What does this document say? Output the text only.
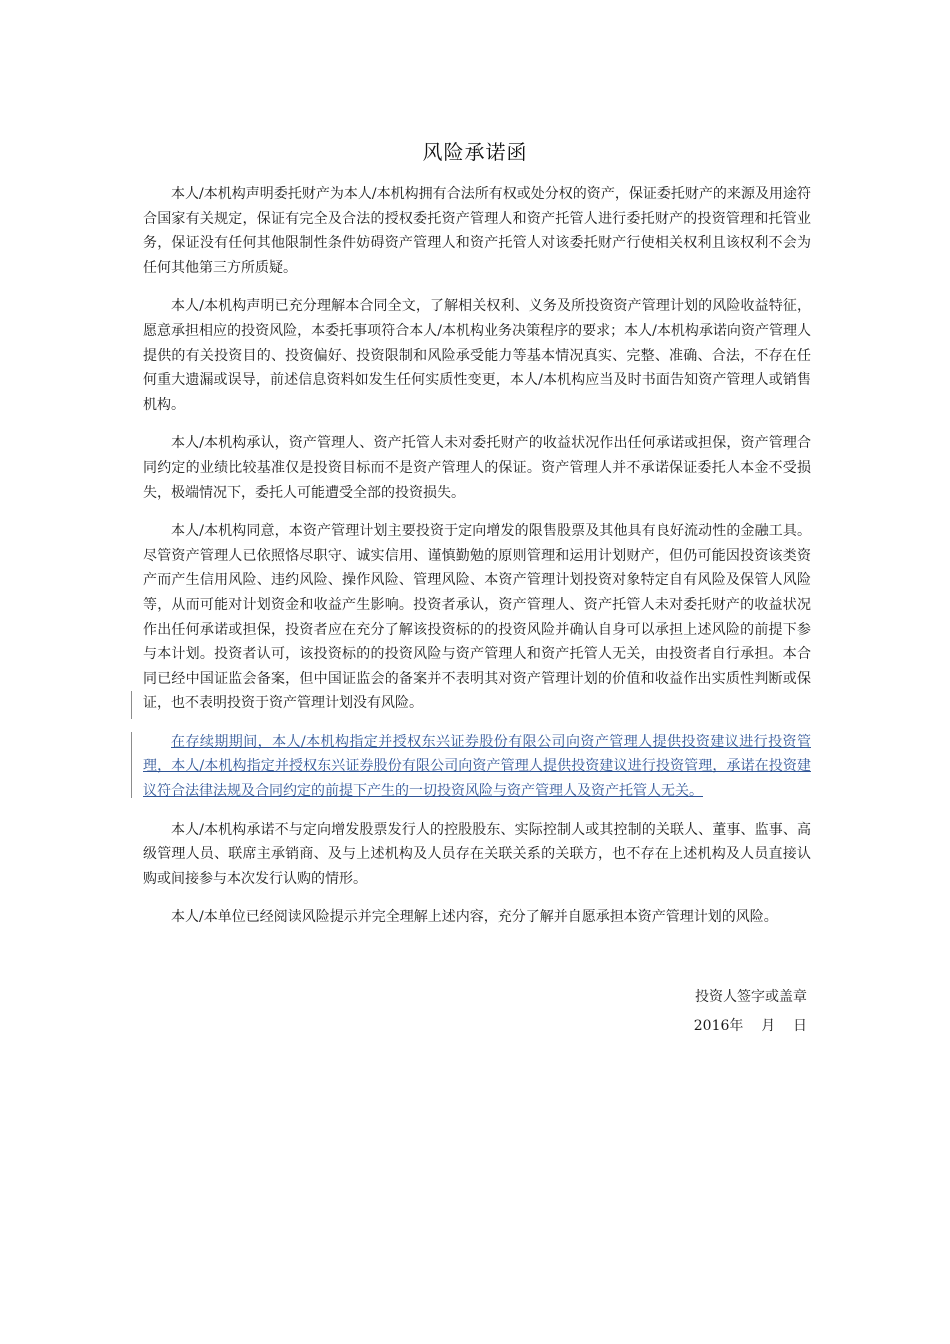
风险承诺函

本人/本机构声明委托财产为本人/本机构拥有合法所有权或处分权的资产，保证委托财产的来源及用途符合国家有关规定，保证有完全及合法的授权委托资产管理人和资产托管人进行委托财产的投资管理和托管业务，保证没有任何其他限制性条件妨碍资产管理人和资产托管人对该委托财产行使相关权利且该权利不会为任何其他第三方所质疑。

本人/本机构声明已充分理解本合同全文，了解相关权利、义务及所投资资产管理计划的风险收益特征，愿意承担相应的投资风险，本委托事项符合本人/本机构业务决策程序的要求；本人/本机构承诺向资产管理人提供的有关投资目的、投资偏好、投资限制和风险承受能力等基本情况真实、完整、准确、合法，不存在任何重大遗漏或误导，前述信息资料如发生任何实质性变更，本人/本机构应当及时书面告知资产管理人或销售机构。

本人/本机构承认，资产管理人、资产托管人未对委托财产的收益状况作出任何承诺或担保，资产管理合同约定的业绩比较基准仅是投资目标而不是资产管理人的保证。资产管理人并不承诺保证委托人本金不受损失，极端情况下，委托人可能遭受全部的投资损失。

本人/本机构同意，本资产管理计划主要投资于定向增发的限售股票及其他具有良好流动性的金融工具。尽管资产管理人已依照恪尽职守、诚实信用、谨慎勤勉的原则管理和运用计划财产，但仍可能因投资该类资产而产生信用风险、违约风险、操作风险、管理风险、本资产管理计划投资对象特定自有风险及保管人风险等，从而可能对计划资金和收益产生影响。投资者承认，资产管理人、资产托管人未对委托财产的收益状况作出任何承诺或担保，投资者应在充分了解该投资标的的投资风险并确认自身可以承担上述风险的前提下参与本计划。投资者认可，该投资标的的投资风险与资产管理人和资产托管人无关，由投资者自行承担。本合同已经中国证监会备案，但中国证监会的备案并不表明其对资产管理计划的价值和收益作出实质性判断或保证，也不表明投资于资产管理计划没有风险。

在存续期期间，本人/本机构指定并授权东兴证券股份有限公司向资产管理人提供投资建议进行投资管理，本人/本机构指定并授权东兴证券股份有限公司向资产管理人提供投资建议进行投资管理，承诺在投资建议符合法律法规及合同约定的前提下产生的一切投资风险与资产管理人及资产托管人无关。

本人/本机构承诺不与定向增发股票发行人的控股股东、实际控制人或其控制的关联人、董事、监事、高级管理人员、联席主承销商、及与上述机构及人员存在关联关系的关联方，也不存在上述机构及人员直接认购或间接参与本次发行认购的情形。

本人/本单位已经阅读风险提示并完全理解上述内容，充分了解并自愿承担本资产管理计划的风险。

投资人签字或盖章
2016年    月    日
